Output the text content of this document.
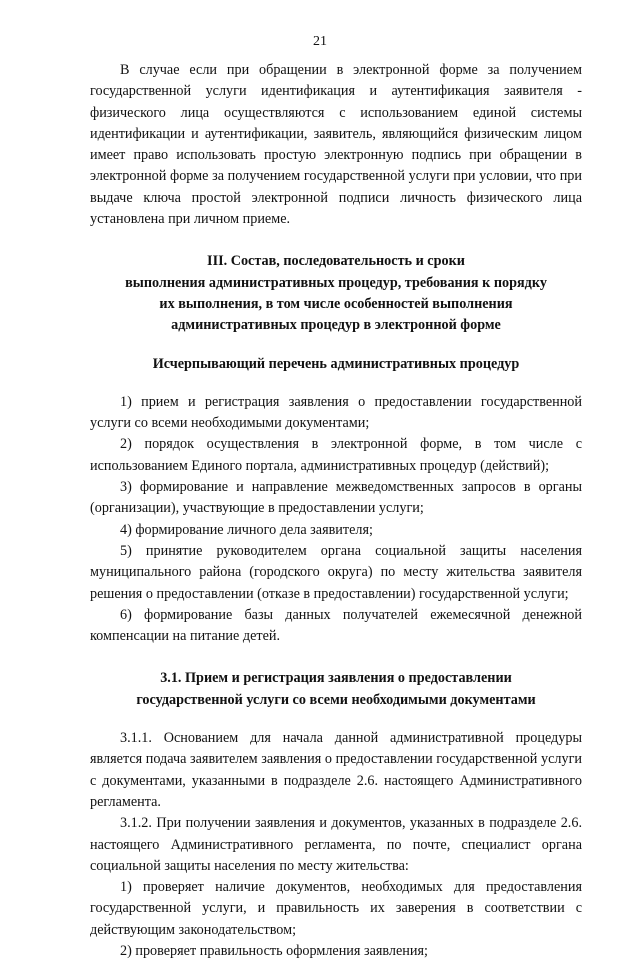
21

В случае если при обращении в электронной форме за получением государственной услуги идентификация и аутентификация заявителя - физического лица осуществляются с использованием единой системы идентификации и аутентификации, заявитель, являющийся физическим лицом имеет право использовать простую электронную подпись при обращении в электронной форме за получением государственной услуги при условии, что при выдаче ключа простой электронной подписи личность физического лица установлена при личном приеме.

III. Состав, последовательность и сроки

выполнения административных процедур, требования к порядку

их выполнения, в том числе особенностей выполнения

административных процедур в электронной форме

Исчерпывающий перечень административных процедур

1) прием и регистрация заявления о предоставлении государственной услуги со всеми необходимыми документами;

2) порядок осуществления в электронной форме, в том числе с использованием Единого портала, административных процедур (действий);

3) формирование и направление межведомственных запросов в органы (организации), участвующие в предоставлении услуги;

4) формирование личного дела заявителя;

5) принятие руководителем органа социальной защиты населения муниципального района (городского округа) по месту жительства заявителя решения о предоставлении (отказе в предоставлении) государственной услуги;

6) формирование базы данных получателей ежемесячной денежной компенсации на питание детей.

3.1. Прием и регистрация заявления о предоставлении

государственной услуги со всеми необходимыми документами

3.1.1. Основанием для начала данной административной процедуры является подача заявителем заявления о предоставлении государственной услуги с документами, указанными в подразделе 2.6. настоящего Административного регламента.

3.1.2. При получении заявления и документов, указанных в подразделе 2.6. настоящего Административного регламента, по почте, специалист органа социальной защиты населения по месту жительства:

1) проверяет наличие документов, необходимых для предоставления государственной услуги, и правильность их заверения в соответствии с действующим законодательством;

2) проверяет правильность оформления заявления;
